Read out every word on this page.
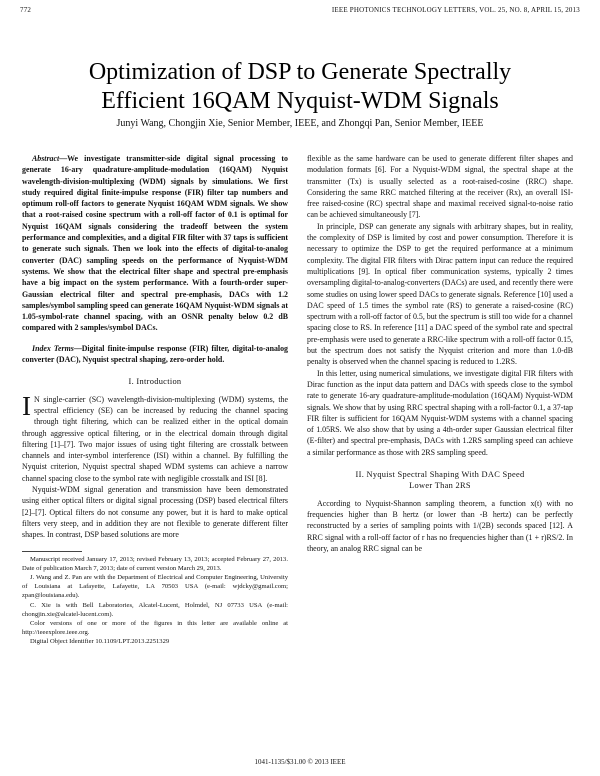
772	IEEE PHOTONICS TECHNOLOGY LETTERS, VOL. 25, NO. 8, APRIL 15, 2013
Optimization of DSP to Generate Spectrally
Efficient 16QAM Nyquist-WDM Signals
Junyi Wang, Chongjin Xie, Senior Member, IEEE, and Zhongqi Pan, Senior Member, IEEE

Abstract—We investigate transmitter-side digital signal processing to generate 16-ary quadrature-amplitude-modulation (16QAM) Nyquist wavelength-division-multiplexing (WDM) signals by simulations. We first study required digital finite-impulse response (FIR) filter tap numbers and optimum roll-off factors to generate Nyquist 16QAM WDM signals. We show that a root-raised cosine spectrum with a roll-off factor of 0.1 is optimal for Nyquist 16QAM signals considering the tradeoff between the system performance and complexities, and a digital FIR filter with 37 taps is sufficient to generate such signals. Then we look into the effects of digital-to-analog converter (DAC) sampling speeds on the performance of Nyquist-WDM systems. We show that the electrical filter shape and spectral pre-emphasis have a big impact on the system performance. With a fourth-order super-Gaussian electrical filter and spectral pre-emphasis, DACs with 1.2 samples/symbol sampling speed can generate 16QAM Nyquist-WDM signals at 1.05-symbol-rate channel spacing, with an OSNR penalty below 0.2 dB compared with 2 samples/symbol DACs.

Index Terms—Digital finite-impulse response (FIR) filter, digital-to-analog converter (DAC), Nyquist spectral shaping, zero-order hold.

I. Introduction

I N single-carrier (SC) wavelength-division-multiplexing (WDM) systems, the spectral efficiency (SE) can be increased by reducing the channel spacing through tight filtering, which can be realized either in the optical domain through aggressive optical filtering, or in the electrical domain through digital filtering [1]–[7]. Two major issues of using tight filtering are crosstalk between channels and inter-symbol interference (ISI) within a channel. By fulfilling the Nyquist criterion, Nyquist spectral shaped WDM systems can achieve a narrow channel spacing close to the symbol rate with negligible crosstalk and ISI [8].

Nyquist-WDM signal generation and transmission have been demonstrated using either optical filters or digital signal processing (DSP) based electrical filters [2]–[7]. Optical filters do not consume any power, but it is hard to make optical filters very steep, and in addition they are not flexible to generate different filter shapes. In contrast, DSP based solutions are more

Manuscript received January 17, 2013; revised February 13, 2013; accepted February 27, 2013. Date of publication March 7, 2013; date of current version March 29, 2013.

J. Wang and Z. Pan are with the Department of Electrical and Computer Engineering, University of Louisiana at Lafayette, Lafayette, LA 70503 USA (e-mail: wjdcky@gmail.com; zpan@louisiana.edu).

C. Xie is with Bell Laboratories, Alcatel-Lucent, Holmdel, NJ 07733 USA (e-mail: chongjin.xie@alcatel-lucent.com).

Color versions of one or more of the figures in this letter are available online at http://ieeexplore.ieee.org.

Digital Object Identifier 10.1109/LPT.2013.2251329

flexible as the same hardware can be used to generate different filter shapes and modulation formats [6]. For a Nyquist-WDM signal, the spectral shape at the transmitter (Tx) is usually selected as a root-raised-cosine (RRC) shape. Considering the same RRC matched filtering at the receiver (Rx), an overall ISI-free raised-cosine (RC) spectral shape and maximal received signal-to-noise ratio can be achieved simultaneously [7].

In principle, DSP can generate any signals with arbitrary shapes, but in reality, the complexity of DSP is limited by cost and power consumption. Therefore it is necessary to optimize the DSP to get the required performance at a minimum complexity. The digital FIR filters with Dirac pattern input can reduce the required multiplications [9]. In optical fiber communication systems, typically 2 times oversampling digital-to-analog-converters (DACs) are used, and recently there were some studies on using lower speed DACs to generate signals. Reference [10] used a DAC speed of 1.5 times the symbol rate (RS) to generate a raised-cosine (RC) spectrum with a roll-off factor of 0.5, but the spectrum is still too wide for a channel spacing close to RS. In reference [11] a DAC speed of the symbol rate and spectral pre-emphasis were used to generate a RRC-like spectrum with a roll-off factor 0.15, but the spectrum does not satisfy the Nyquist criterion and more than 1.0-dB penalty is observed when the channel spacing is reduced to 1.2RS.

In this letter, using numerical simulations, we investigate digital FIR filters with Dirac function as the input data pattern and DACs with speeds close to the symbol rate to generate 16-ary quadrature-amplitude-modulation (16QAM) Nyquist-WDM signals. We show that by using RRC spectral shaping with a roll-factor 0.1, a 37-tap FIR filter is sufficient for 16QAM Nyquist-WDM systems with a channel spacing of 1.05RS. We also show that by using a 4th-order super Gaussian electrical filter (E-filter) and spectral pre-emphasis, DACs with 1.2RS sampling speed can achieve a similar performance as those with 2RS sampling speed.

II. Nyquist Spectral Shaping With DAC Speed
Lower Than 2RS

According to Nyquist-Shannon sampling theorem, a function x(t) with no frequencies higher than B hertz (or lower than -B hertz) can be perfectly reconstructed by a series of sampling points with 1/(2B) seconds spaced [12]. A RRC signal with a roll-off factor of r has no frequencies higher than (1 + r)RS/2. In theory, an analog RRC signal can be

1041-1135/$31.00 © 2013 IEEE
